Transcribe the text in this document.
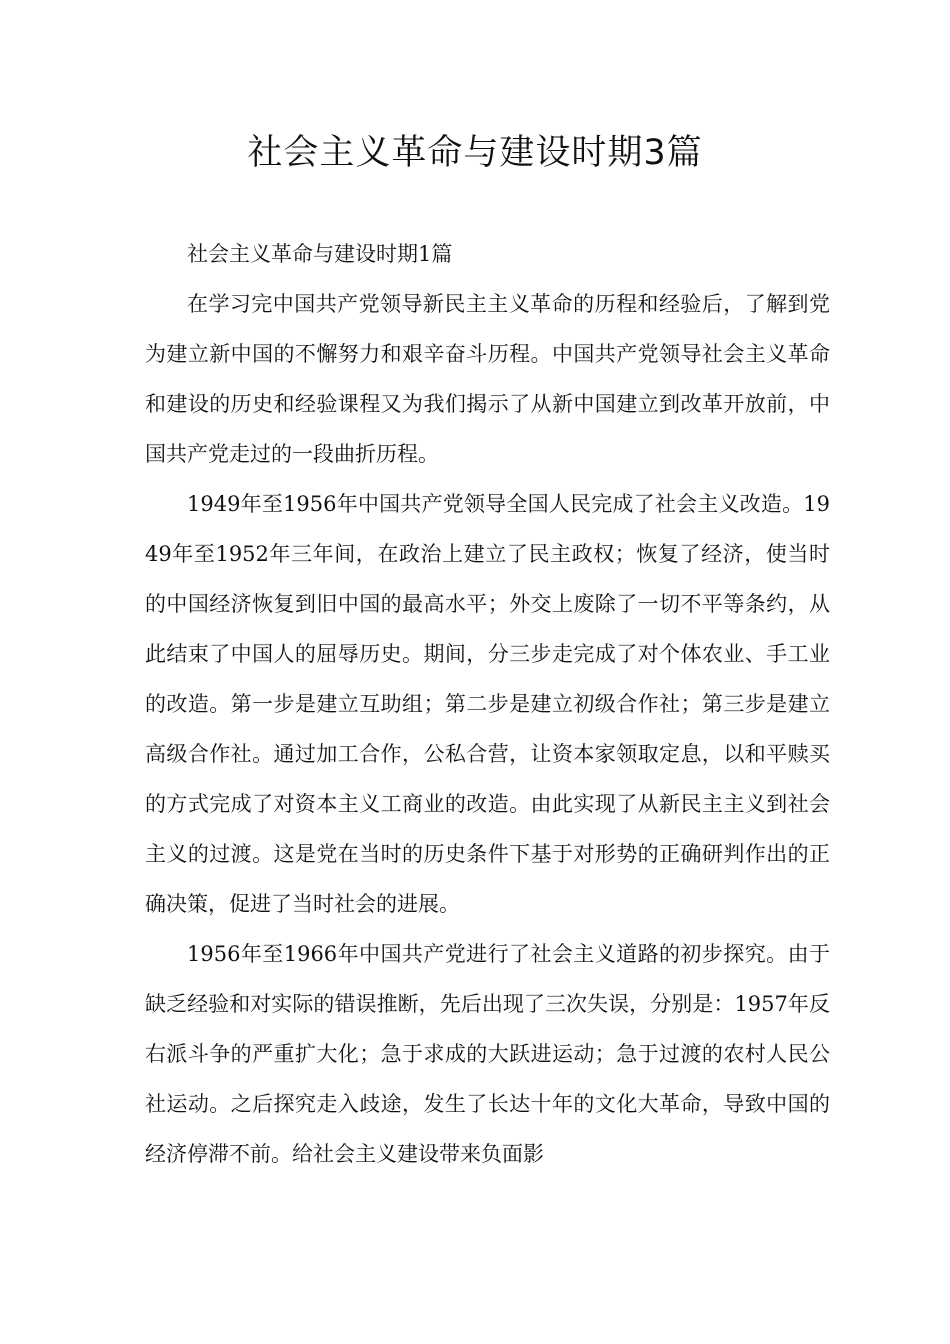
社会主义革命与建设时期3篇

社会主义革命与建设时期1篇

在学习完中国共产党领导新民主主义革命的历程和经验后，了解到党为建立新中国的不懈努力和艰辛奋斗历程。中国共产党领导社会主义革命和建设的历史和经验课程又为我们揭示了从新中国建立到改革开放前，中国共产党走过的一段曲折历程。

1949年至1956年中国共产党领导全国人民完成了社会主义改造。1949年至1952年三年间，在政治上建立了民主政权；恢复了经济，使当时的中国经济恢复到旧中国的最高水平；外交上废除了一切不平等条约，从此结束了中国人的屈辱历史。期间，分三步走完成了对个体农业、手工业的改造。第一步是建立互助组；第二步是建立初级合作社；第三步是建立高级合作社。通过加工合作，公私合营，让资本家领取定息，以和平赎买的方式完成了对资本主义工商业的改造。由此实现了从新民主主义到社会主义的过渡。这是党在当时的历史条件下基于对形势的正确研判作出的正确决策，促进了当时社会的进展。

1956年至1966年中国共产党进行了社会主义道路的初步探究。由于缺乏经验和对实际的错误推断，先后出现了三次失误，分别是：1957年反右派斗争的严重扩大化；急于求成的大跃进运动；急于过渡的农村人民公社运动。之后探究走入歧途，发生了长达十年的文化大革命，导致中国的经济停滞不前。给社会主义建设带来负面影
